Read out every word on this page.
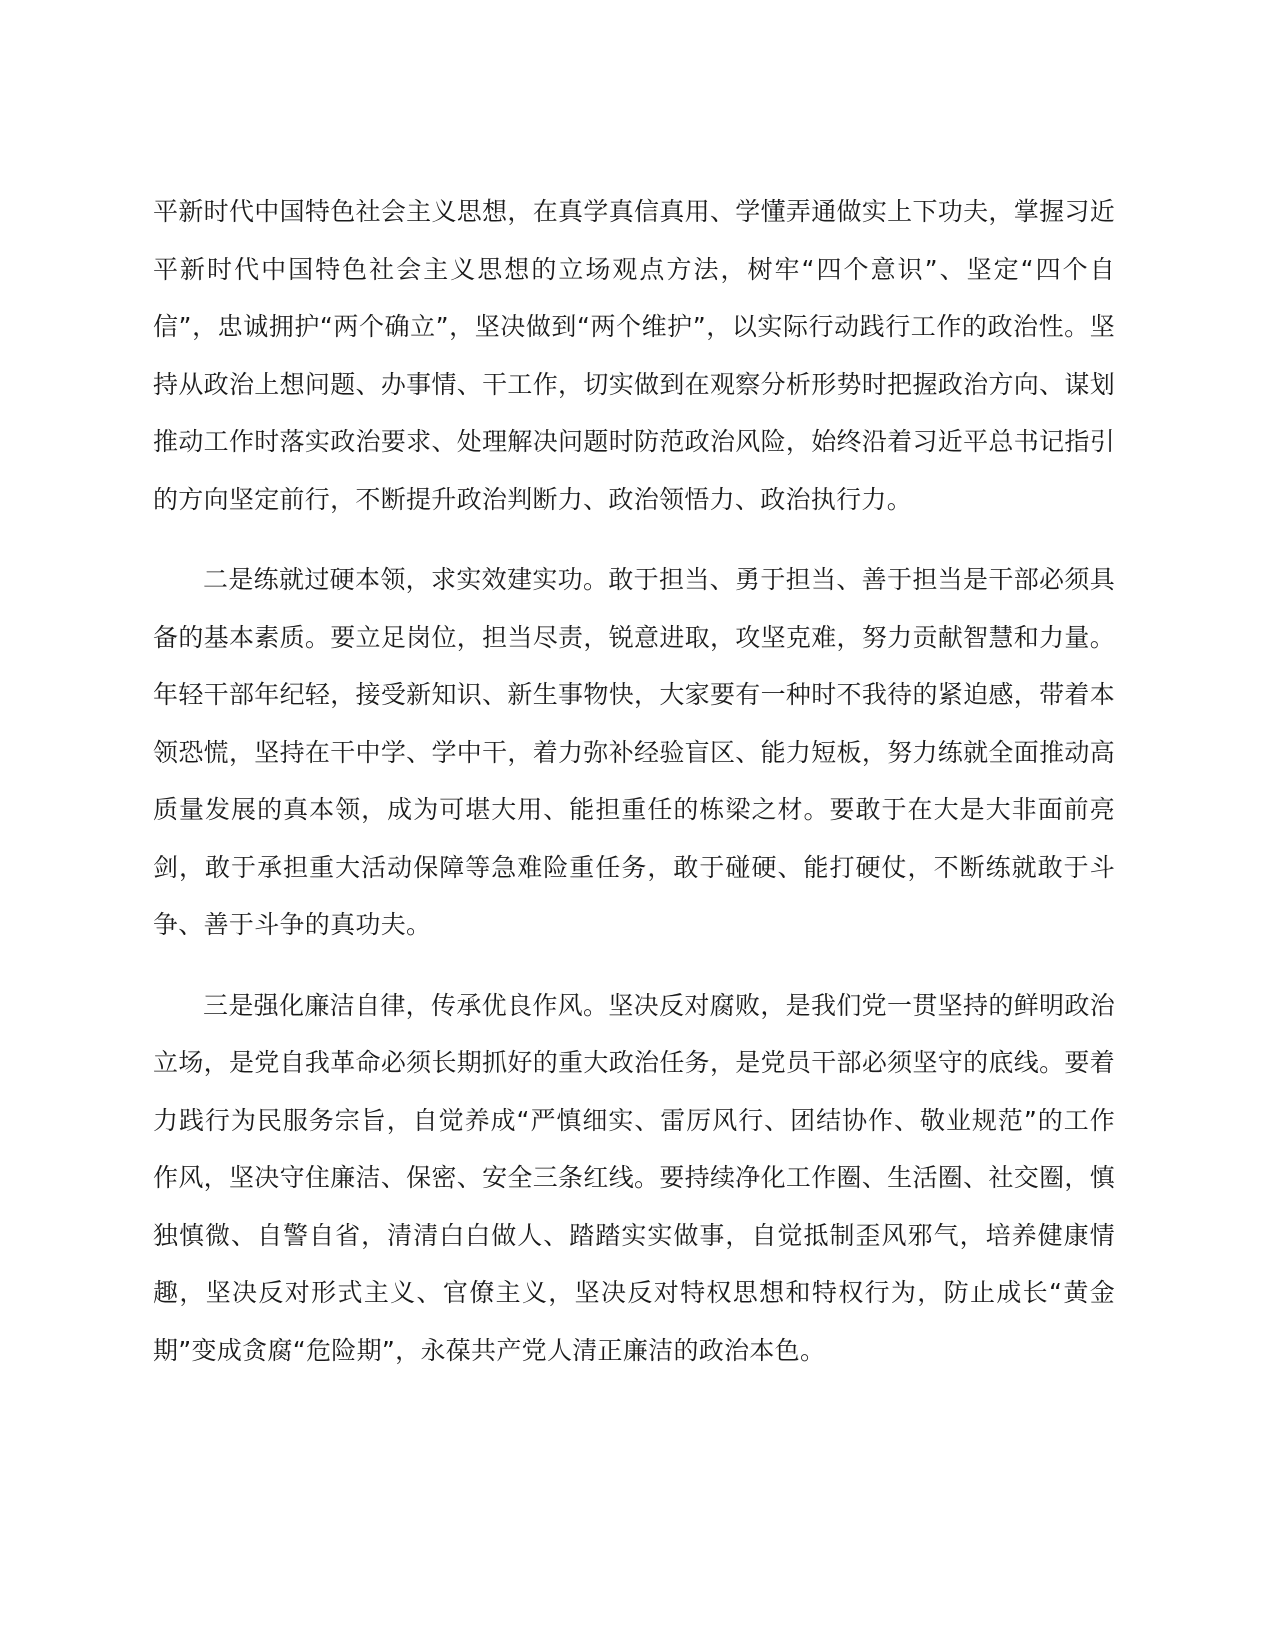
平新时代中国特色社会主义思想，在真学真信真用、学懂弄通做实上下功夫，掌握习近平新时代中国特色社会主义思想的立场观点方法，树牢“四个意识”、坚定“四个自信”，忠诚拥护“两个确立”，坚决做到“两个维护”，以实际行动践行工作的政治性。坚持从政治上想问题、办事情、干工作，切实做到在观察分析形势时把握政治方向、谋划推动工作时落实政治要求、处理解决问题时防范政治风险，始终沿着习近平总书记指引的方向坚定前行，不断提升政治判断力、政治领悟力、政治执行力。

二是练就过硬本领，求实效建实功。敢于担当、勇于担当、善于担当是干部必须具备的基本素质。要立足岗位，担当尽责，锐意进取，攻坚克难，努力贡献智慧和力量。年轻干部年纪轻，接受新知识、新生事物快，大家要有一种时不我待的紧迫感，带着本领恐慌，坚持在干中学、学中干，着力弥补经验盲区、能力短板，努力练就全面推动高质量发展的真本领，成为可堪大用、能担重任的栋梁之材。要敢于在大是大非面前亮剑，敢于承担重大活动保障等急难险重任务，敢于碰硬、能打硬仗，不断练就敢于斗争、善于斗争的真功夫。

三是强化廉洁自律，传承优良作风。坚决反对腐败，是我们党一贯坚持的鲜明政治立场，是党自我革命必须长期抓好的重大政治任务，是党员干部必须坚守的底线。要着力践行为民服务宗旨，自觉养成“严慎细实、雷厉风行、团结协作、敬业规范”的工作作风，坚决守住廉洁、保密、安全三条红线。要持续净化工作圈、生活圈、社交圈，慎独慎微、自警自省，清清白白做人、踏踏实实做事，自觉抵制歪风邪气，培养健康情趣，坚决反对形式主义、官僚主义，坚决反对特权思想和特权行为，防止成长“黄金期”变成贪腐“危险期”，永葆共产党人清正廉洁的政治本色。
